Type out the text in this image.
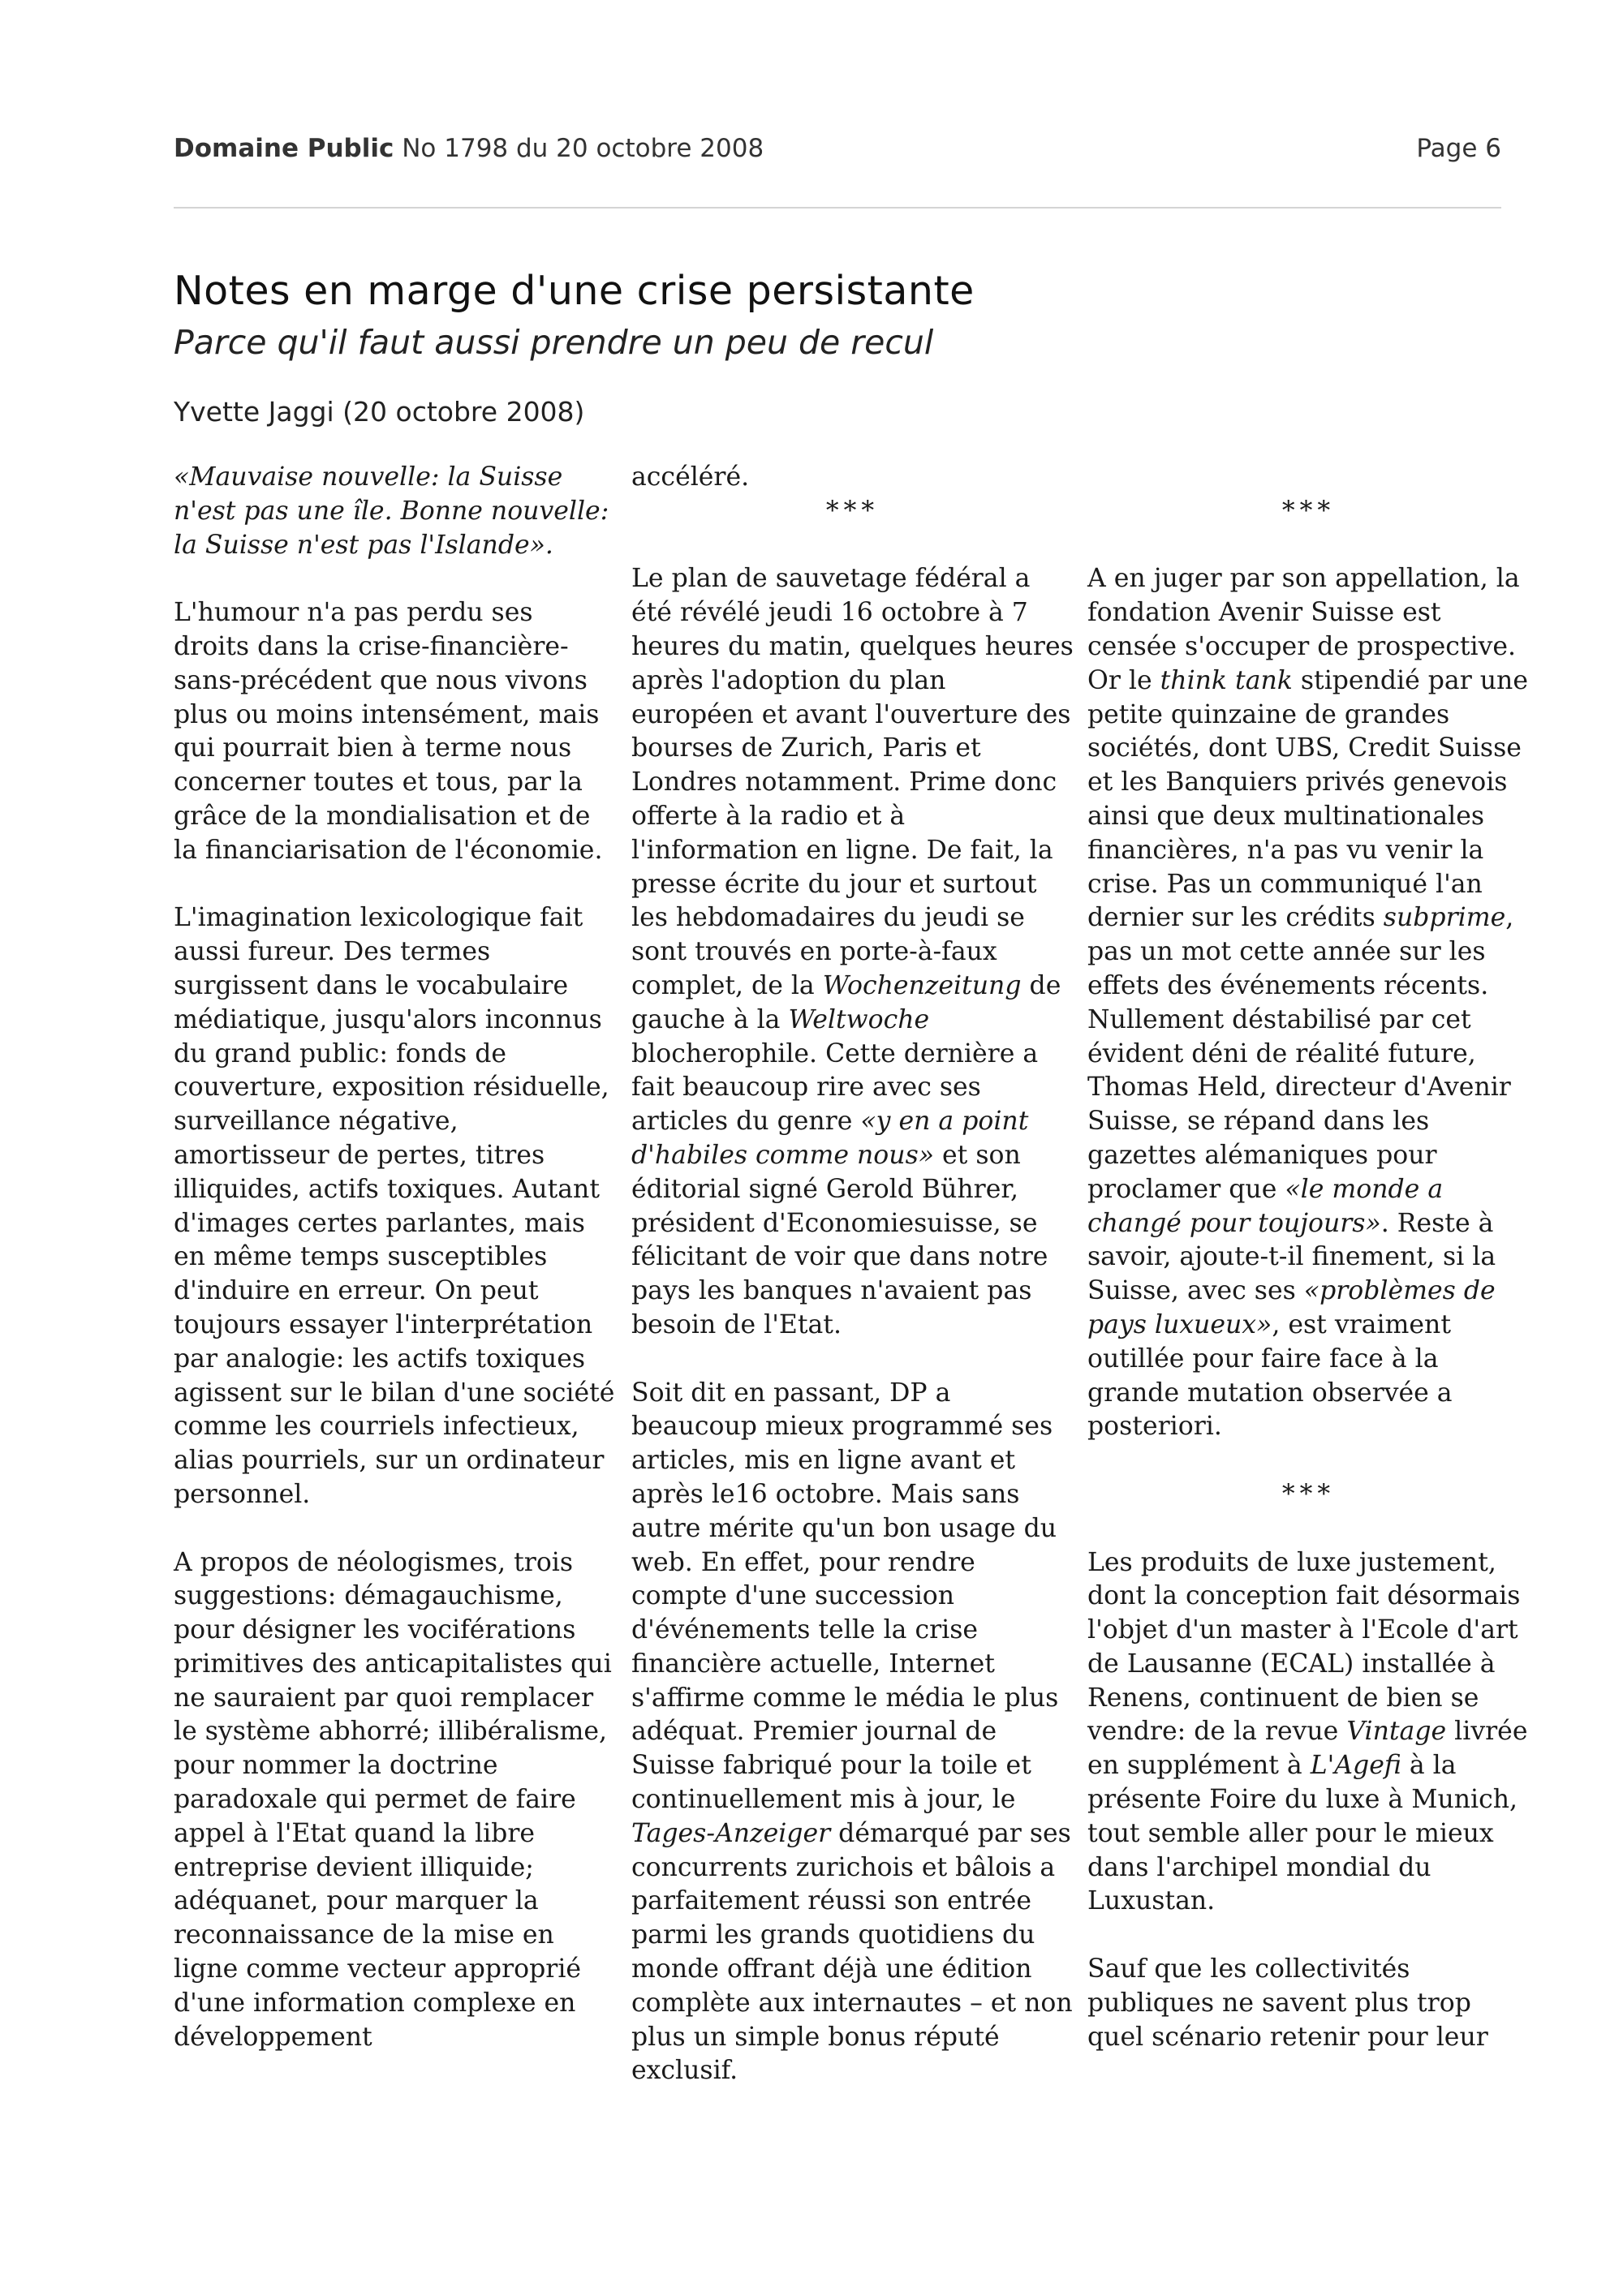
Domaine Public No 1798 du 20 octobre 2008	Page 6
Notes en marge d'une crise persistante
Parce qu'il faut aussi prendre un peu de recul
Yvette Jaggi (20 octobre 2008)

«Mauvaise nouvelle: la Suisse n'est pas une île. Bonne nouvelle: la Suisse n'est pas l'Islande».

L'humour n'a pas perdu ses droits dans la crise-financière-sans-précédent que nous vivons plus ou moins intensément, mais qui pourrait bien à terme nous concerner toutes et tous, par la grâce de la mondialisation et de la financiarisation de l'économie.

L'imagination lexicologique fait aussi fureur. Des termes surgissent dans le vocabulaire médiatique, jusqu'alors inconnus du grand public: fonds de couverture, exposition résiduelle, surveillance négative, amortisseur de pertes, titres illiquides, actifs toxiques. Autant d'images certes parlantes, mais en même temps susceptibles d'induire en erreur. On peut toujours essayer l'interprétation par analogie: les actifs toxiques agissent sur le bilan d'une société comme les courriels infectieux, alias pourriels, sur un ordinateur personnel.

A propos de néologismes, trois suggestions: démagauchisme, pour désigner les vociférations primitives des anticapitalistes qui ne sauraient par quoi remplacer le système abhorré; illibéralisme, pour nommer la doctrine paradoxale qui permet de faire appel à l'Etat quand la libre entreprise devient illiquide; adéquanet, pour marquer la reconnaissance de la mise en ligne comme vecteur approprié d'une information complexe en développement

accéléré.

***

Le plan de sauvetage fédéral a été révélé jeudi 16 octobre à 7 heures du matin, quelques heures après l'adoption du plan européen et avant l'ouverture des bourses de Zurich, Paris et Londres notamment. Prime donc offerte à la radio et à l'information en ligne. De fait, la presse écrite du jour et surtout les hebdomadaires du jeudi se sont trouvés en porte-à-faux complet, de la Wochenzeitung de gauche à la Weltwoche blocherophile. Cette dernière a fait beaucoup rire avec ses articles du genre «y en a point d'habiles comme nous» et son éditorial signé Gerold Bührer, président d'Economiesuisse, se félicitant de voir que dans notre pays les banques n'avaient pas besoin de l'Etat.

Soit dit en passant, DP a beaucoup mieux programmé ses articles, mis en ligne avant et après le16 octobre. Mais sans autre mérite qu'un bon usage du web. En effet, pour rendre compte d'une succession d'événements telle la crise financière actuelle, Internet s'affirme comme le média le plus adéquat. Premier journal de Suisse fabriqué pour la toile et continuellement mis à jour, le Tages-Anzeiger démarqué par ses concurrents zurichois et bâlois a parfaitement réussi son entrée parmi les grands quotidiens du monde offrant déjà une édition complète aux internautes – et non plus un simple bonus réputé exclusif.

***

A en juger par son appellation, la fondation Avenir Suisse est censée s'occuper de prospective. Or le think tank stipendié par une petite quinzaine de grandes sociétés, dont UBS, Credit Suisse et les Banquiers privés genevois ainsi que deux multinationales financières, n'a pas vu venir la crise. Pas un communiqué l'an dernier sur les crédits subprime, pas un mot cette année sur les effets des événements récents. Nullement déstabilisé par cet évident déni de réalité future, Thomas Held, directeur d'Avenir Suisse, se répand dans les gazettes alémaniques pour proclamer que «le monde a changé pour toujours». Reste à savoir, ajoute-t-il finement, si la Suisse, avec ses «problèmes de pays luxueux», est vraiment outillée pour faire face à la grande mutation observée a posteriori.

***

Les produits de luxe justement, dont la conception fait désormais l'objet d'un master à l'Ecole d'art de Lausanne (ECAL) installée à Renens, continuent de bien se vendre: de la revue Vintage livrée en supplément à L'Agefi à la présente Foire du luxe à Munich, tout semble aller pour le mieux dans l'archipel mondial du Luxustan.

Sauf que les collectivités publiques ne savent plus trop quel scénario retenir pour leur
